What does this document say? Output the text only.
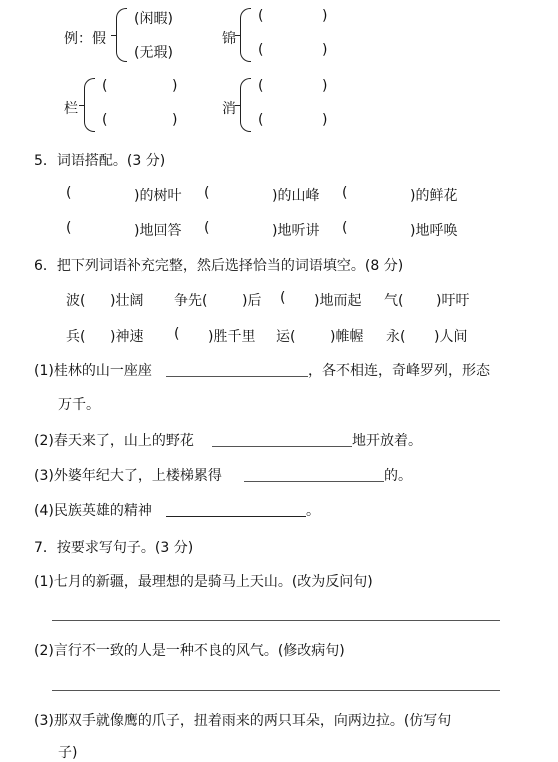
例：假
(闲暇)
(无瑕)
锦
(	)
(	)
栏
(	)
(	)
消
(	)
(	)
5．词语搭配。(3 分)
(	)的树叶 (	)的山峰 (	)的鲜花
(	)地回答 (	)地听讲 (	)地呼唤
6．把下列词语补充完整，然后选择恰当的词语填空。(8 分)
波( )壮阔 争先( )后 ( )地而起 气( )吁吁
兵( )神速 ( )胜千里 运( )帷幄 永( )人间
(1)桂林的山一座座	，各不相连，奇峰罗列，形态
万千。
(2)春天来了，山上的野花	地开放着。
(3)外婆年纪大了，上楼梯累得	的。
(4)民族英雄的精神	。
7．按要求写句子。(3 分)
(1)七月的新疆，最理想的是骑马上天山。(改为反问句)
(2)言行不一致的人是一种不良的风气。(修改病句)
(3)那双手就像鹰的爪子，扭着雨来的两只耳朵，向两边拉。(仿写句
子)
